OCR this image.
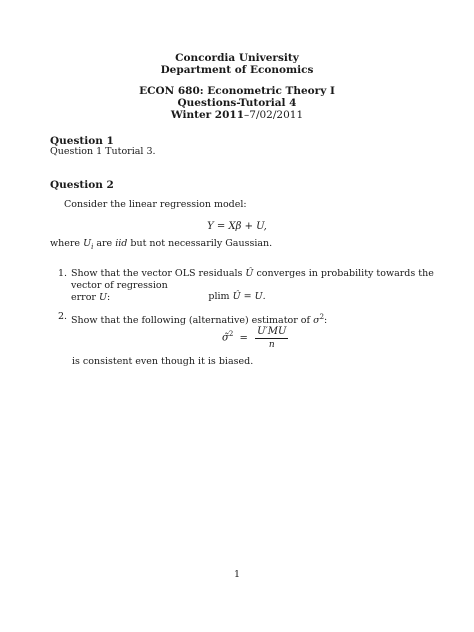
Concordia University
Department of Economics
ECON 680: Econometric Theory I
Questions-Tutorial 4
Winter 2011–7/02/2011
Question 1
Question 1 Tutorial 3.
Question 2
Consider the linear regression model:
Y = Xβ + U,
where $U_i$ are iid but not necessarily Gaussian.
1. Show that the vector OLS residuals Û converges in probability towards the vector of regression
error U:	plim Û = U.
2. Show that the following (alternative) estimator of $\sigma^2$:
σ̃$^2$ = $\frac{U'MU}{n}$
is consistent even though it is biased.
1
